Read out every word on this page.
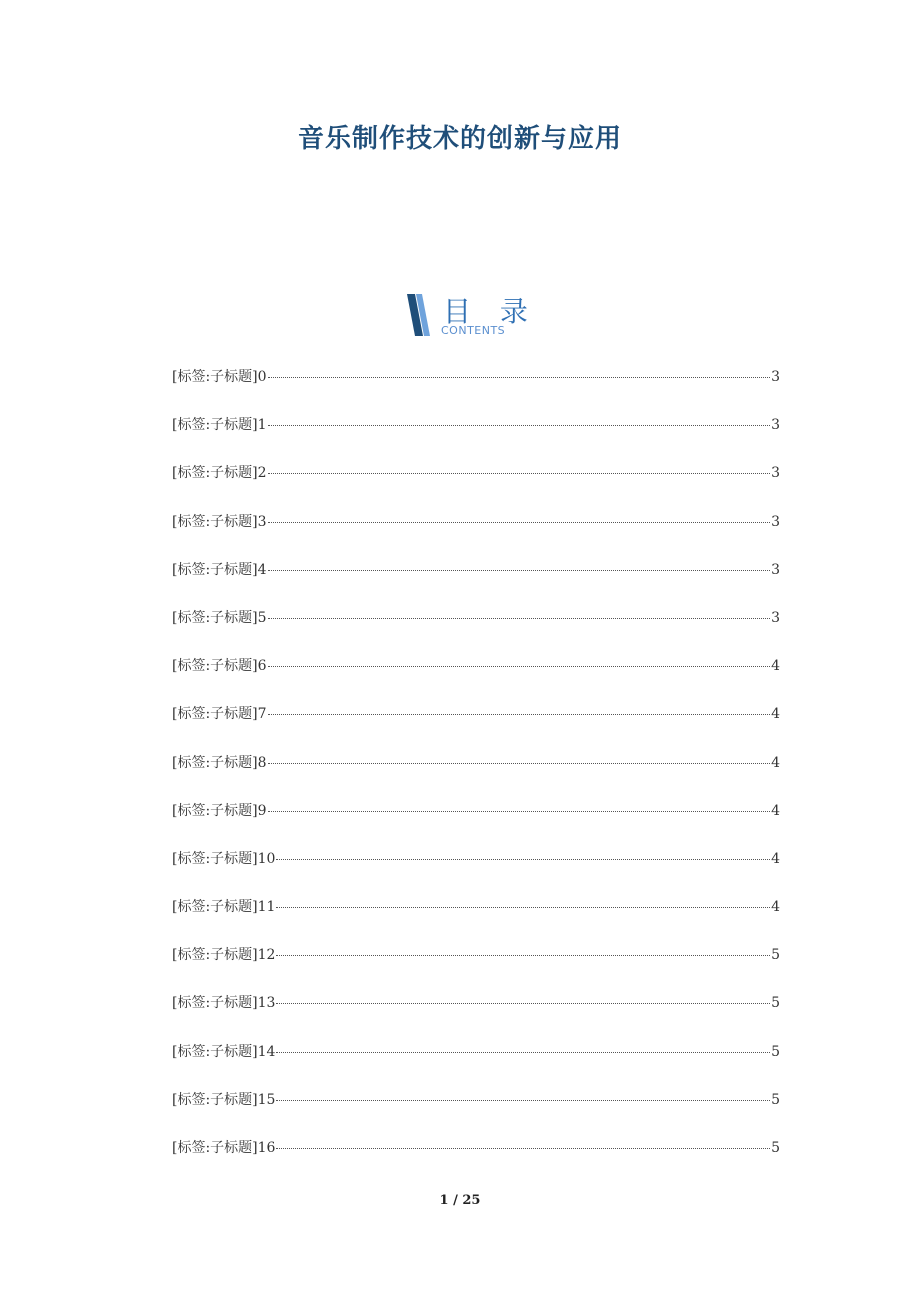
音乐制作技术的创新与应用
目 录
CONTENTS
[标签:子标题]0	3
[标签:子标题]1	3
[标签:子标题]2	3
[标签:子标题]3	3
[标签:子标题]4	3
[标签:子标题]5	3
[标签:子标题]6	4
[标签:子标题]7	4
[标签:子标题]8	4
[标签:子标题]9	4
[标签:子标题]10	4
[标签:子标题]11	4
[标签:子标题]12	5
[标签:子标题]13	5
[标签:子标题]14	5
[标签:子标题]15	5
[标签:子标题]16	5
1 / 25
